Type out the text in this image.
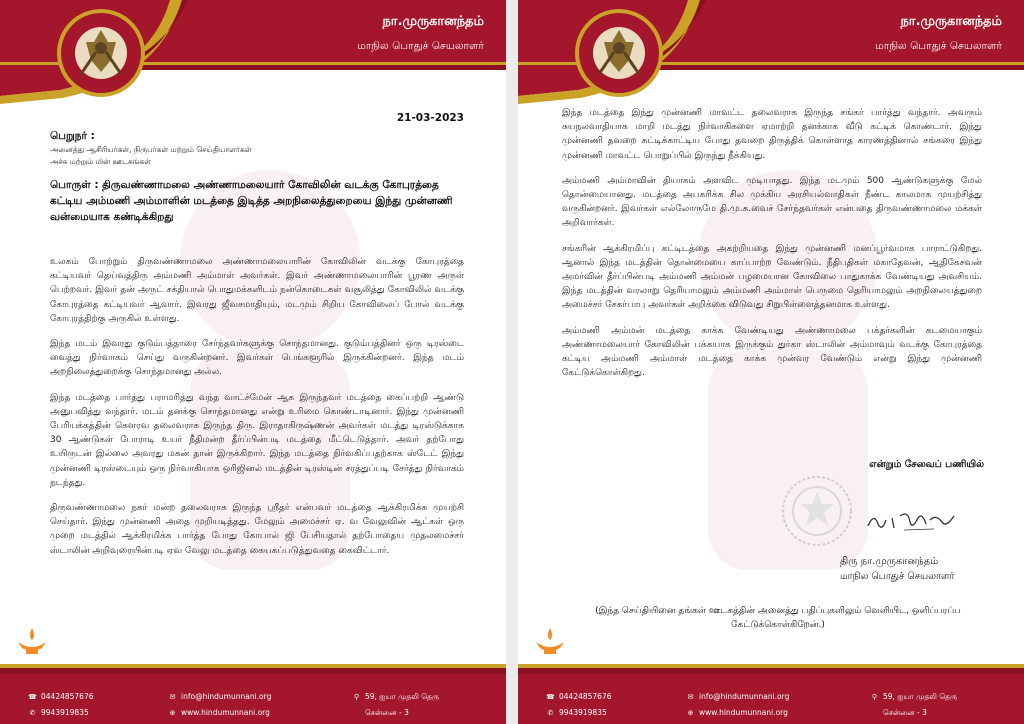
நா.முருகானந்தம்
மாநில பொதுச் செயலாளர்
21-03-2023
பெறுநர் :
அனைத்து ஆசிரியர்கள், நிருபர்கள் மற்றும் செய்தியாளர்கள்
அச்சு மற்றும் மின் ஊடகங்கள்
பொருள் : திருவண்ணாமலை அண்ணாமலையார் கோவிலின் வடக்கு கோபுரத்தை கட்டிய அம்மணி அம்மாளின் மடத்தை இடித்த அறநிலைத்துறையை இந்து முன்னணி வன்மையாக கண்டிக்கிறது

உலகம் போற்றும் திருவண்ணாமலை அண்ணாமலையாரின் கோவிலின் வடக்கு கோபுரத்தை கட்டியவர் தெய்வத்திரு அம்மணி அம்மாள் அவர்கள். இவர் அண்ணாமலையாரின் பூரண அருள் பெற்றவர். இவர் தன் அருட் சக்தியால் பொதுமக்களிடம் நன்கொடைகள் வசூலித்து கோவிலில் வடக்கு கோபுரத்தை கட்டியவர் ஆவார். இவரது ஜீவசமாதியும், மடமும் சிறிய கோவிலைப் போல் வடக்கு கோபுரத்திற்கு அருகில் உள்ளது.

இந்த மடம் இவரது குடும்பத்தாரை சேர்ந்தவர்களுக்கு சொந்தமானது. குடும்பத்தினர் ஒரு டிரஸ்டை வைத்து நிர்வாகம் செய்து வருகின்றனர். இவர்கள் பெங்களூரில் இருக்கின்றனர். இந்த மடம் அறநிலைத்துறைக்கு சொந்தமானது அல்ல.

இந்த மடத்தை பார்த்து பராமரித்து வந்த வாட்ச்மேன் ஆக இருந்தவர் மடத்தை கைப்பற்றி ஆண்டு அனுபவித்து வந்தார். மடம் தனக்கு சொந்தமானது என்று உரிமை கொண்டாடினார். இந்து முன்னணி பேரியக்கத்தின் கௌரவ தலைவராக இருந்த திரு. இராதாகிருஷ்ணன் அவர்கள் மடத்து டிரஸ்டுக்காக 30 ஆண்டுகள் போராடி உயர் நீதிமன்ற தீர்ப்பின்படி மடத்தை மீட்டெடுத்தார். அவர் தற்போது உயிருடன் இல்லை அவரது மகன் தான் இருக்கிறார். இந்த மடத்தை நிர்வகிப்பதற்காக ஸ்டேட் இந்து முன்னணி டிரஸ்டையும் ஒரு நிர்வாகியாக ஒரிஜினல் மடத்தின் டிரஸ்டின் சரத்துப்படி சேர்த்து நிர்வாகம் நடந்தது.

திருவண்ணாமலை நகர் மன்ற தலைவராக இருந்த ஸ்ரீதர் என்பவர் மடத்தை ஆக்கிரமிக்க முயற்சி செய்தார். இந்து முன்னணி அதை முறியடித்தது. மேலும் அமைச்சர் ஏ. வ வேலுவின் ஆட்கள் ஒரு முறை மடத்தில் ஆக்கிரமிக்க பார்த்த போது கோபால் ஜி பேசியதால் தற்போதைய முதலமைச்சர் ஸ்டாலின் அறிவுரையின்படி ஏவ வேலு மடத்தை கையகப்படுத்துவதை கைவிட்டார்.

☎ 04424857676
✆ 9943919835
✉ info@hindumunnani.org
⊕ www.hindumunnani.org
⚲ 59, ஐயா முதலி தெரு
சென்னை - 3
நா.முருகானந்தம்
மாநில பொதுச் செயலாளர்

இந்த மடத்தை இந்து முன்னணி மாவட்ட தலைவராக இருந்த சங்கர் பார்த்து வந்தார். அவரும் சுயநலவாதியாக மாறி மடத்து நிர்வாகிகளை ஏமாற்றி தனக்காக வீடு கட்டிக் கொண்டார். இந்து முன்னணி தவறை சுட்டிக்காட்டிய போது தவறை திருத்திக் கொள்ளாத காரணத்தினால் சங்கரை இந்து முன்னணி மாவட்ட பொறுப்பில் இருந்து நீக்கியது.

அம்மணி அம்மாவின் தியாகம் அளவிட முடியாதது. இந்த மடமும் 500 ஆண்டுகளுக்கு மேல் தொன்மையானது. மடத்தை அபகரிக்க சில முக்கிய அரசியல்வாதிகள் நீண்ட காலமாக முயற்சித்து வருகின்றனர். இவர்கள் எல்லோருமே தி.மு.க.வைச் சேர்ந்தவர்கள் என்பதை திருவண்ணாமலை மக்கள் அறிவார்கள்.

சங்கரின் ஆக்கிரமிப்பு கட்டிடத்தை அகற்றியதை இந்து முன்னணி மனப்பூர்வமாக பாராட்டுகிறது. ஆனால் இந்த மடத்தின் தொன்மையை காப்பாற்ற வேண்டும். நீதிபதிகள் மகாதேவன், ஆதிகேசவன் அமர்வின் தீர்ப்பின்படி அம்மணி அம்மன் பழமையான கோவிலை பாதுகாக்க வேண்டியது அவசியம். இந்த மடத்தின் வரலாறு தெரியாமலும் அம்மணி அம்மாள் பெருமை தெரியாமலும் அறநிலையத்துறை அமைச்சர் சேகர்பாபு அவர்கள் அறிக்கை விடுவது சிறுபிள்ளைத்தனமாக உள்ளது.

அம்மணி அம்மன் மடத்தை காக்க வேண்டியது அண்ணாமலை பக்தர்களின் கடமையாகும் அண்ணாமலையார் கோவிலின் பக்கயாக இருக்கும் துர்கா ஸ்டாலின் அம்மாவும் வடக்கு கோபுரத்தை கட்டிய அம்மணி அம்மாள் மடத்தை காக்க முன்வர வேண்டும் என்று இந்து முன்னணி கேட்டுக்கொள்கிறது.

என்றும் சேவைப் பணியில்
திரு நா.முருகானந்தம்
மாநில பொதுச் செயலாளர்
(இந்த செய்தியினை தங்கள் ஊடகத்தின் அனைத்து பதிப்புகளிலும் வெளியிட, ஒளிப்பரப்ப கேட்டுக்கொள்கிறேன்.)
☎ 04424857676
✆ 9943919835
✉ info@hindumunnani.org
⊕ www.hindumunnani.org
⚲ 59, ஐயா முதலி தெரு
சென்னை - 3
